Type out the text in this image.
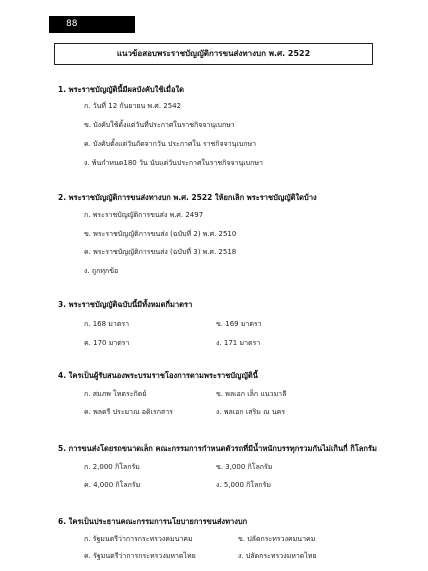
88
แนวข้อสอบพระราชบัญญัติการขนส่งทางบก พ.ศ. 2522
1. พระราชบัญญัตินี้มีผลบังคับใช้เมื่อใด
ก. วันที่ 12 กันยายน พ.ศ. 2542
ข. บังคับใช้ตั้งแต่วันที่ประกาศในราชกิจจานุเบกษา
ค. บังคับตั้งแต่วันถัดจากวัน ประกาศใน ราชกิจจานุเบกษา
ง. พ้นกำหนด180 วัน นับแต่วันประกาศในราชกิจจานุเบกษา
2. พระราชบัญญัติการขนส่งทางบก พ.ศ. 2522 ให้ยกเลิก พระราชบัญญัติใดบ้าง
ก. พระราชบัญญัติการขนส่ง พ.ศ. 2497
ข. พระราชบัญญัติการขนส่ง (ฉบับที่ 2) พ.ศ. 2510
ค. พระราชบัญญัติการขนส่ง (ฉบับที่ 3) พ.ศ. 2518
ง. ถูกทุกข้อ
3. พระราชบัญญัติฉบับนี้มีทั้งหมดกี่มาตรา
ก. 168 มาตรา	ข. 169 มาตรา
ค. 170 มาตรา	ง. 171 มาตรา
4. ใครเป็นผู้รับสนองพระบรมราชโองการตามพระราชบัญญัตินี้
ก. สมภพ โหตระกิตย์	ข. พลเอก เล็ก แนวมาลี
ค. พลตรี ประมาณ อดิเรกสาร	ง. พลเอก เสริม ณ นคร
5. การขนส่งโดยรถขนาดเล็ก คณะกรรมการกำหนดตัวรถที่มีน้ำหนักบรรทุกรวมกันไม่เกินกี่ กิโลกรัม
ก. 2,000 กิโลกรัม	ข. 3,000 กิโลกรัม
ค. 4,000 กิโลกรัม	ง. 5,000 กิโลกรัม
6. ใครเป็นประธานคณะกรรมการนโยบายการขนส่งทางบก
ก. รัฐมนตรีว่าการกระทรวงคมนาคม	ข. ปลัดกระทรวงคมนาคม
ค. รัฐมนตรีว่าการกระทรวงมหาดไทย	ง. ปลัดกระทรวงมหาดไทย
